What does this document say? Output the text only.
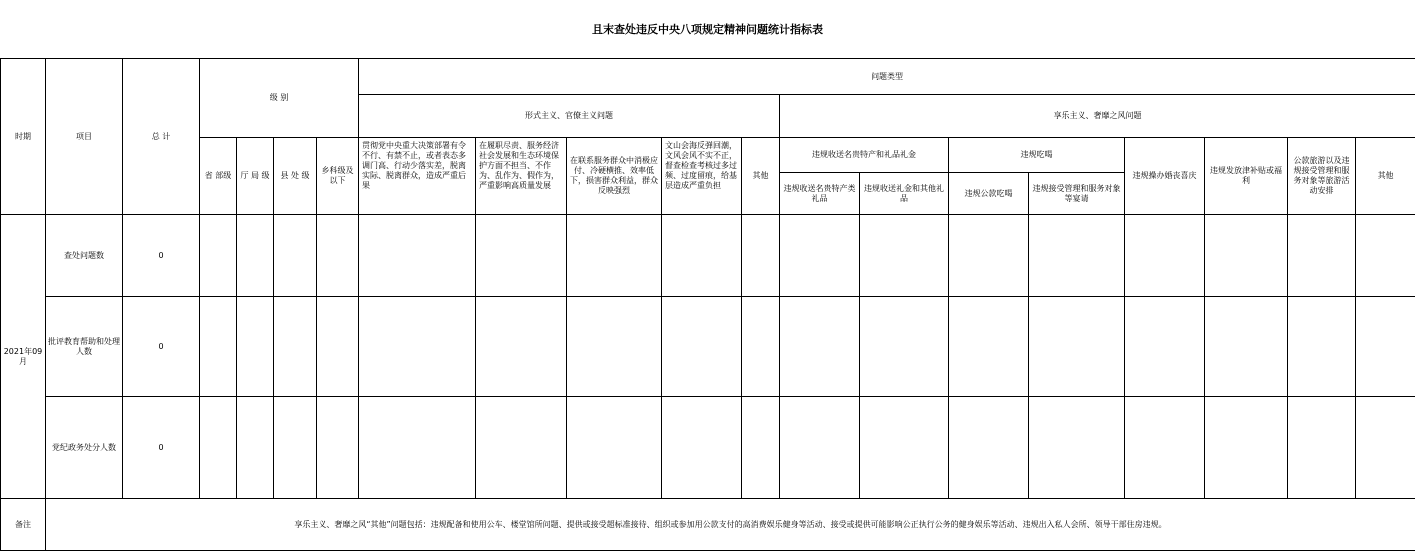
且末查处违反中央八项规定精神问题统计指标表
时期	项目	总 计	级 别				问题类型												
							形式主义、官僚主义问题					享乐主义、奢靡之风问题							
			省 部级	厅 局 级	县 处 级	乡科级及以下	贯彻党中央重大决策部署有令不行、有禁不止，或者表态多调门高、行动少落实差，脱离实际、脱离群众，造成严重后果	在履职尽责、服务经济社会发展和生态环境保护方面不担当、不作为、乱作为、假作为，严重影响高质量发展	在联系服务群众中消极应付、冷硬横推、效率低下，损害群众利益，群众反映强烈	文山会海反弹回潮，文风会风不实不正，督查检查考核过多过频、过度留痕，给基层造成严重负担	其他	违规收送名贵特产和礼品礼金		违规吃喝		违规操办婚丧喜庆	违规发放津补贴或福利	公款旅游以及违规接受管理和服务对象等旅游活动安排	其他
												违规收送名贵特产类礼品	违规收送礼金和其他礼品	违规公款吃喝	违规接受管理和服务对象等宴请				
2021年09月	查处问题数	0																	
	批评教育帮助和处理人数	0																	
	党纪政务处分人数	0																	
备注	享乐主义、奢靡之风“其他”问题包括：违规配备和使用公车、楼堂馆所问题、提供或接受超标准接待、组织或参加用公款支付的高消费娱乐健身等活动、接受或提供可能影响公正执行公务的健身娱乐等活动、违规出入私人会所、领导干部住房违规。																		
